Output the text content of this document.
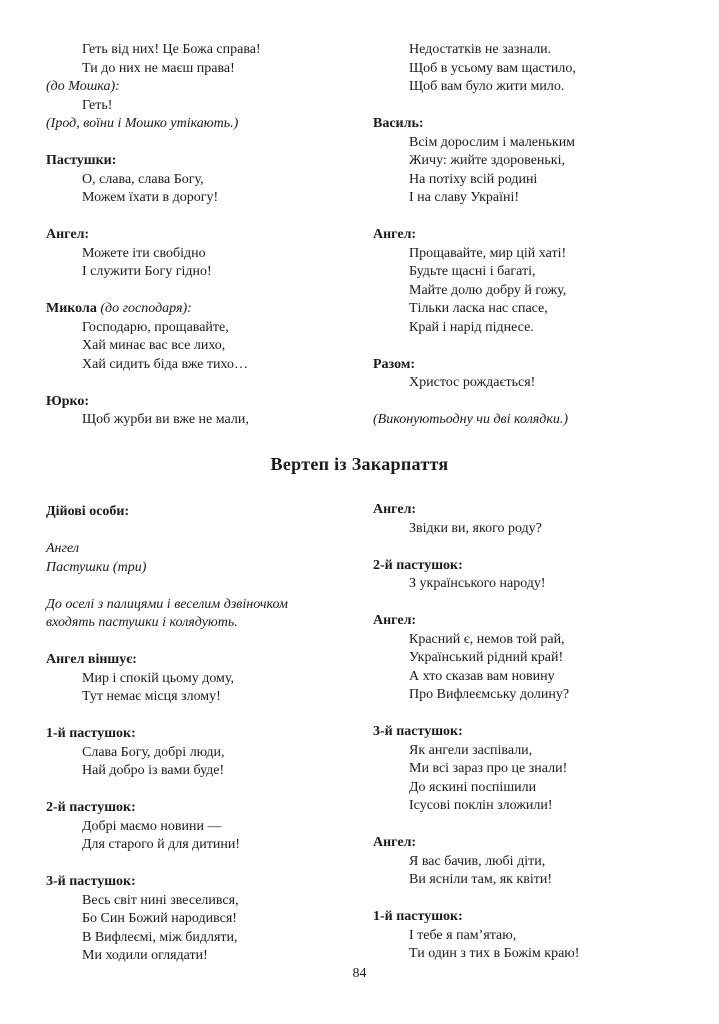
Геть від них! Це Божа справа!
Ти до них не маєш права!
(до Мошка):
Геть!
(Ірод, воїни і Мошко утікають.)
Пастушки:
О, слава, слава Богу,
Можем їхати в дорогу!
Ангел:
Можете іти свобідно
І служити Богу гідно!
Микола (до господаря):
Господарю, прощавайте,
Хай минає вас все лихо,
Хай сидить біда вже тихо…
Юрко:
Щоб журби ви вже не мали,
Недостатків не зазнали.
Щоб в усьому вам щастило,
Щоб вам було жити мило.
Василь:
Всім дорослим і маленьким
Жичу: жийте здоровенькі,
На потіху всій родині
І на славу Україні!
Ангел:
Прощавайте, мир цій хаті!
Будьте щасні і багаті,
Майте долю добру й гожу,
Тільки ласка нас спасе,
Край і нарід піднесе.
Разом:
Христос рождається!
(Виконуютьодну чи дві колядки.)
Вертеп із Закарпаття
Дійові особи:
Ангел
Пастушки (три)
До оселі з палицями і веселим дзвіночком
входять пастушки і колядують.
Ангел віншує:
Мир і спокій цьому дому,
Тут немає місця злому!
1-й пастушок:
Слава Богу, добрі люди,
Най добро із вами буде!
2-й пастушок:
Добрі маємо новини —
Для старого й для дитини!
3-й пастушок:
Весь світ нині звеселився,
Бо Син Божий народився!
В Вифлеємі, між бидляти,
Ми ходили оглядати!
Ангел:
Звідки ви, якого роду?
2-й пастушок:
З українського народу!
Ангел:
Красний є, немов той рай,
Український рідний край!
А хто сказав вам новину
Про Вифлеємську долину?
3-й пастушок:
Як ангели заспівали,
Ми всі зараз про це знали!
До яскині поспішили
Ісусові поклін зложили!
Ангел:
Я вас бачив, любі діти,
Ви ясніли там, як квіти!
1-й пастушок:
І тебе я пам’ятаю,
Ти один з тих в Божім краю!
84
